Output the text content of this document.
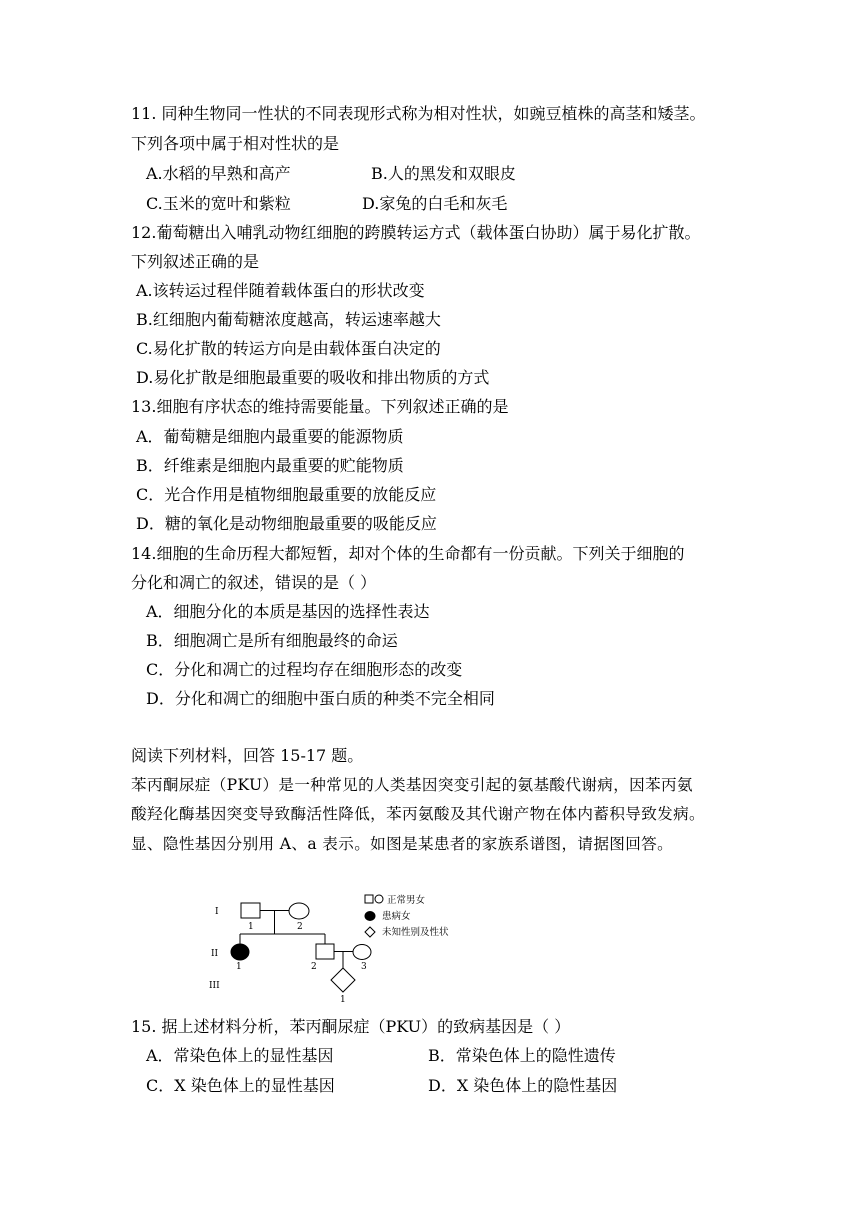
11. 同种生物同一性状的不同表现形式称为相对性状，如豌豆植株的高茎和矮茎。
下列各项中属于相对性状的是
A.水稻的早熟和高产	B.人的黑发和双眼皮
C.玉米的宽叶和紫粒	D.家兔的白毛和灰毛
12.葡萄糖出入哺乳动物红细胞的跨膜转运方式（载体蛋白协助）属于易化扩散。
下列叙述正确的是
A.该转运过程伴随着载体蛋白的形状改变
B.红细胞内葡萄糖浓度越高，转运速率越大
C.易化扩散的转运方向是由载体蛋白决定的
D.易化扩散是细胞最重要的吸收和排出物质的方式
13.细胞有序状态的维持需要能量。下列叙述正确的是
A．葡萄糖是细胞内最重要的能源物质
B．纤维素是细胞内最重要的贮能物质
C．光合作用是植物细胞最重要的放能反应
D．糖的氧化是动物细胞最重要的吸能反应
14.细胞的生命历程大都短暂，却对个体的生命都有一份贡献。下列关于细胞的
分化和凋亡的叙述，错误的是（ ）
A．细胞分化的本质是基因的选择性表达
B．细胞凋亡是所有细胞最终的命运
C．分化和凋亡的过程均存在细胞形态的改变
D．分化和凋亡的细胞中蛋白质的种类不完全相同
阅读下列材料，回答 15-17 题。
苯丙酮尿症（PKU）是一种常见的人类基因突变引起的氨基酸代谢病，因苯丙氨
酸羟化酶基因突变导致酶活性降低，苯丙氨酸及其代谢产物在体内蓄积导致发病。
显、隐性基因分别用 A、a 表示。如图是某患者的家族系谱图，请据图回答。
I
II
III
1	2
1	2	3
1
正常男女
患病女
未知性别及性状
15. 据上述材料分析，苯丙酮尿症（PKU）的致病基因是（ ）
A．常染色体上的显性基因	B．常染色体上的隐性遗传
C．X 染色体上的显性基因	D．X 染色体上的隐性基因
